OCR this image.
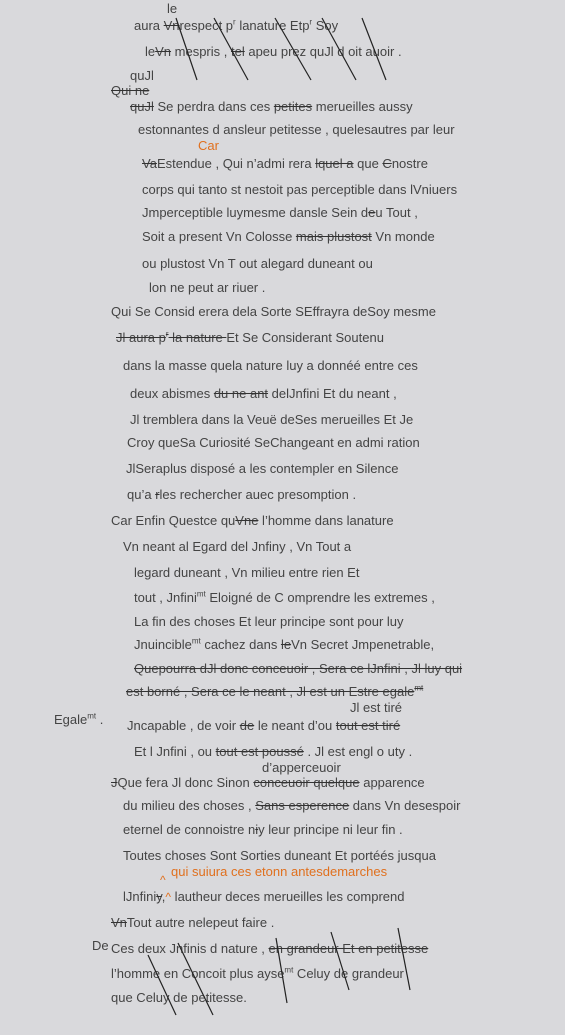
le
aura Vnrespect $p^r$ lanature Etp$^r$ Soy
leVn mespris , tel apeu prez quJl d oit auoir .
quJl
Qui ne
quJl Se perdra dans ces petites merueilles aussy
estonnantes d ansleur petitesse , quelesautres par leur
Car
VaEstendue , Qui n’admi rera lquel a que Cnostre
corps qui tanto st nestoit pas perceptible dans lVniuers
Jmperceptible luymesme dansle Sein deu Tout ,
Soit a present Vn Colosse mais plustost Vn monde
ou plustost Vn T out alegard duneant ou
lon ne peut ar riuer .
Qui Se Consid erera dela Sorte SEffrayra deSoy mesme
Jl aura $p^r$ la nature Et Se Considerant Soutenu
dans la masse quela nature luy a donnéé entre ces
deux abismes du ne ant delJnfini Et du neant ,
Jl tremblera dans la Veuë deSes merueilles Et Je
Croy queSa Curiosité SeChangeant en admi ration
JlSeraplus disposé a les contempler en Silence
qu’a rles rechercher auec presomption .
Car Enfin Questce quVne l’homme dans lanature
Vn neant al Egard del Jnfiny , Vn Tout a
legard duneant , Vn milieu entre rien Et
tout , Jnfini$^{mt}$ Eloigné de C omprendre les extremes ,
La fin des choses Et leur principe sont pour luy
Jnuincible$^{mt}$ cachez dans leVn Secret Jmpenetrable,
Quepourra dJl donc conceuoir , Sera ce lJnfini , Jl luy qui
est borné , Sera ce le neant , Jl est un Estre egale$^{mt}$
Jl est tiré
Egale$^{mt}$ . Jncapable , de voir de le neant d’ou tout est tiré
Et l Jnfini , ou tout est poussé . Jl est engl o uty .
d’apperceuoir
JQue fera Jl donc Sinon conceuoir quelque apparence
du milieu des choses , Sans esperence dans Vn desespoir
eternel de connoistre niy leur principe ni leur fin .
Toutes choses Sont Sorties duneant Et portéés jusqua
^
qui suiura ces etonn antesdemarches
lJnfiniy,^ lautheur deces merueilles les comprend
VnTout autre nelepeut faire .
De Ces deux Jnfinis d nature , en grandeur Et en petitesse
l’homme en Concoit plus ayse$^{mt}$ Celuy de grandeur
que Celuy de petitesse.
